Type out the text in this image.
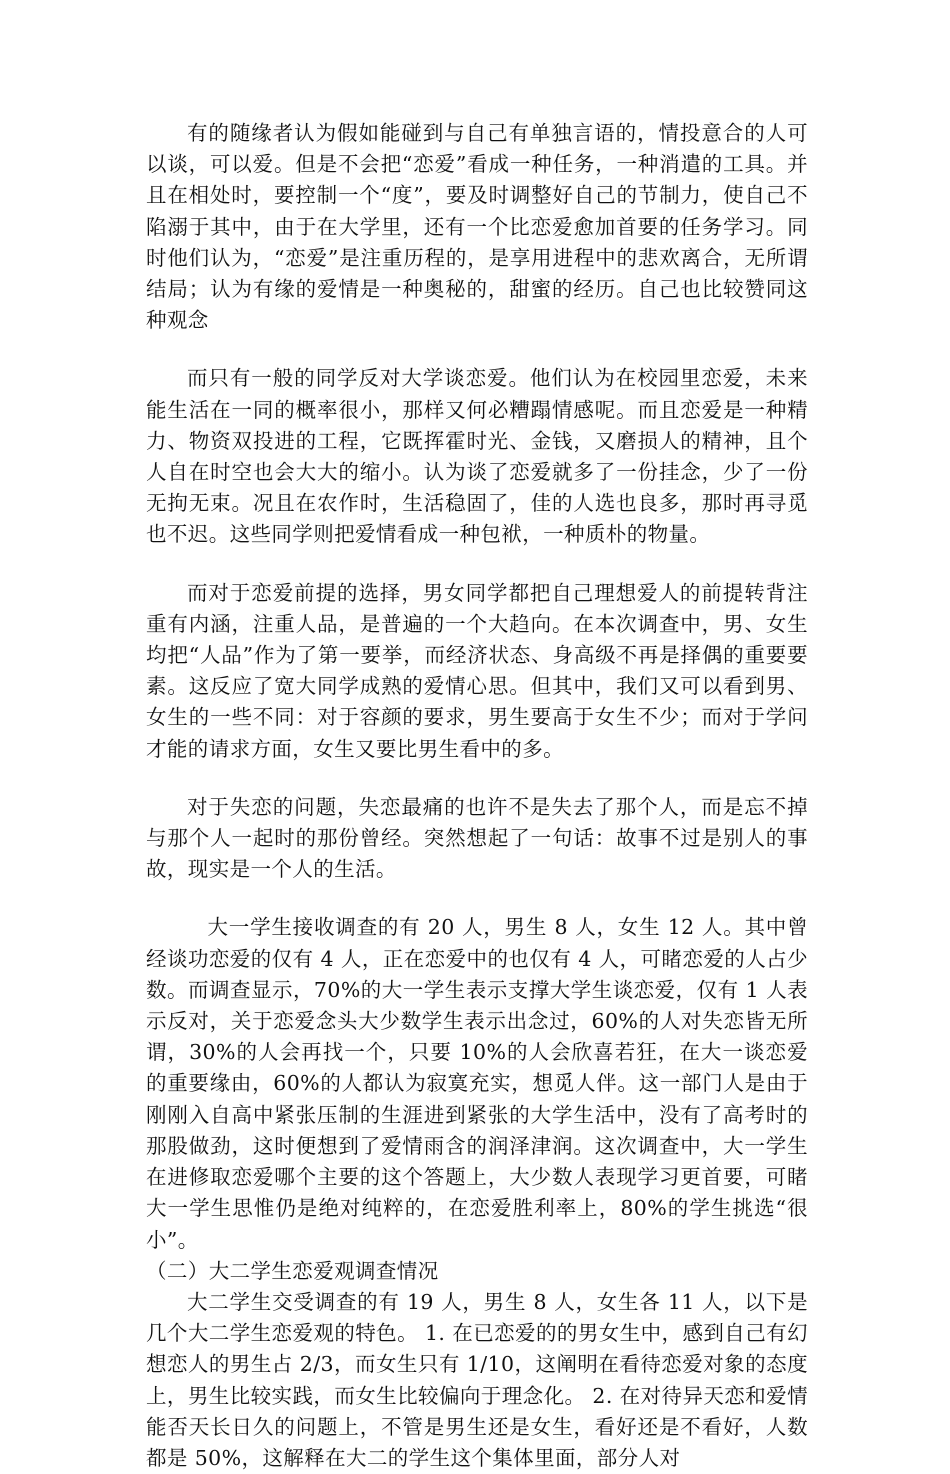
有的随缘者认为假如能碰到与自己有单独言语的，情投意合的人可以谈，可以爱。但是不会把“恋爱”看成一种任务，一种消遣的工具。并且在相处时，要控制一个“度”，要及时调整好自己的节制力，使自己不陷溺于其中，由于在大学里，还有一个比恋爱愈加首要的任务学习。同时他们认为，“恋爱”是注重历程的，是享用进程中的悲欢离合，无所谓结局；认为有缘的爱情是一种奥秘的，甜蜜的经历。自己也比较赞同这种观念

而只有一般的同学反对大学谈恋爱。他们认为在校园里恋爱，未来能生活在一同的概率很小，那样又何必糟蹋情感呢。而且恋爱是一种精力、物资双投进的工程，它既挥霍时光、金钱，又磨损人的精神，且个人自在时空也会大大的缩小。认为谈了恋爱就多了一份挂念，少了一份无拘无束。况且在农作时，生活稳固了，佳的人选也良多，那时再寻觅也不迟。这些同学则把爱情看成一种包袱，一种质朴的物量。

而对于恋爱前提的选择，男女同学都把自己理想爱人的前提转背注重有内涵，注重人品，是普遍的一个大趋向。在本次调查中，男、女生均把“人品”作为了第一要挙，而经济状态、身高级不再是择偶的重要要素。这反应了宽大同学成熟的爱情心思。但其中，我们又可以看到男、女生的一些不同：对于容颜的要求，男生要高于女生不少；而对于学问才能的请求方面，女生又要比男生看中的多。

对于失恋的问题，失恋最痛的也许不是失去了那个人，而是忘不掉与那个人一起时的那份曾经。突然想起了一句话：故事不过是别人的事故，现实是一个人的生活。

大一学生接收调查的有 20 人，男生 8 人，女生 12 人。其中曾经谈功恋爱的仅有 4 人，正在恋爱中的也仅有 4 人，可睹恋爱的人占少数。而调查显示，70%的大一学生表示支撑大学生谈恋爱，仅有 1 人表示反对，关于恋爱念头大少数学生表示出念过，60%的人对失恋皆无所谓，30%的人会再找一个，只要 10%的人会欣喜若狂，在大一谈恋爱的重要缘由，60%的人都认为寂寞充实，想觅人伴。这一部门人是由于刚刚入自高中紧张压制的生涯进到紧张的大学生活中，没有了高考时的那股做劲，这时便想到了爱情雨含的润泽津润。这次调查中，大一学生在进修取恋爱哪个主要的这个答题上，大少数人表现学习更首要，可睹大一学生思惟仍是绝对纯粹的，在恋爱胜利率上，80%的学生挑选“很小”。

（二）大二学生恋爱观调查情况

大二学生交受调查的有 19 人，男生 8 人，女生各 11 人，以下是几个大二学生恋爱观的特色。 1. 在已恋爱的的男女生中，感到自己有幻想恋人的男生占 2/3，而女生只有 1/10，这阐明在看待恋爱对象的态度上，男生比较实践，而女生比较偏向于理念化。 2. 在对待异天恋和爱情能否天长日久的问题上，不管是男生还是女生，看好还是不看好，人数都是 50%，这解释在大二的学生这个集体里面，部分人对
